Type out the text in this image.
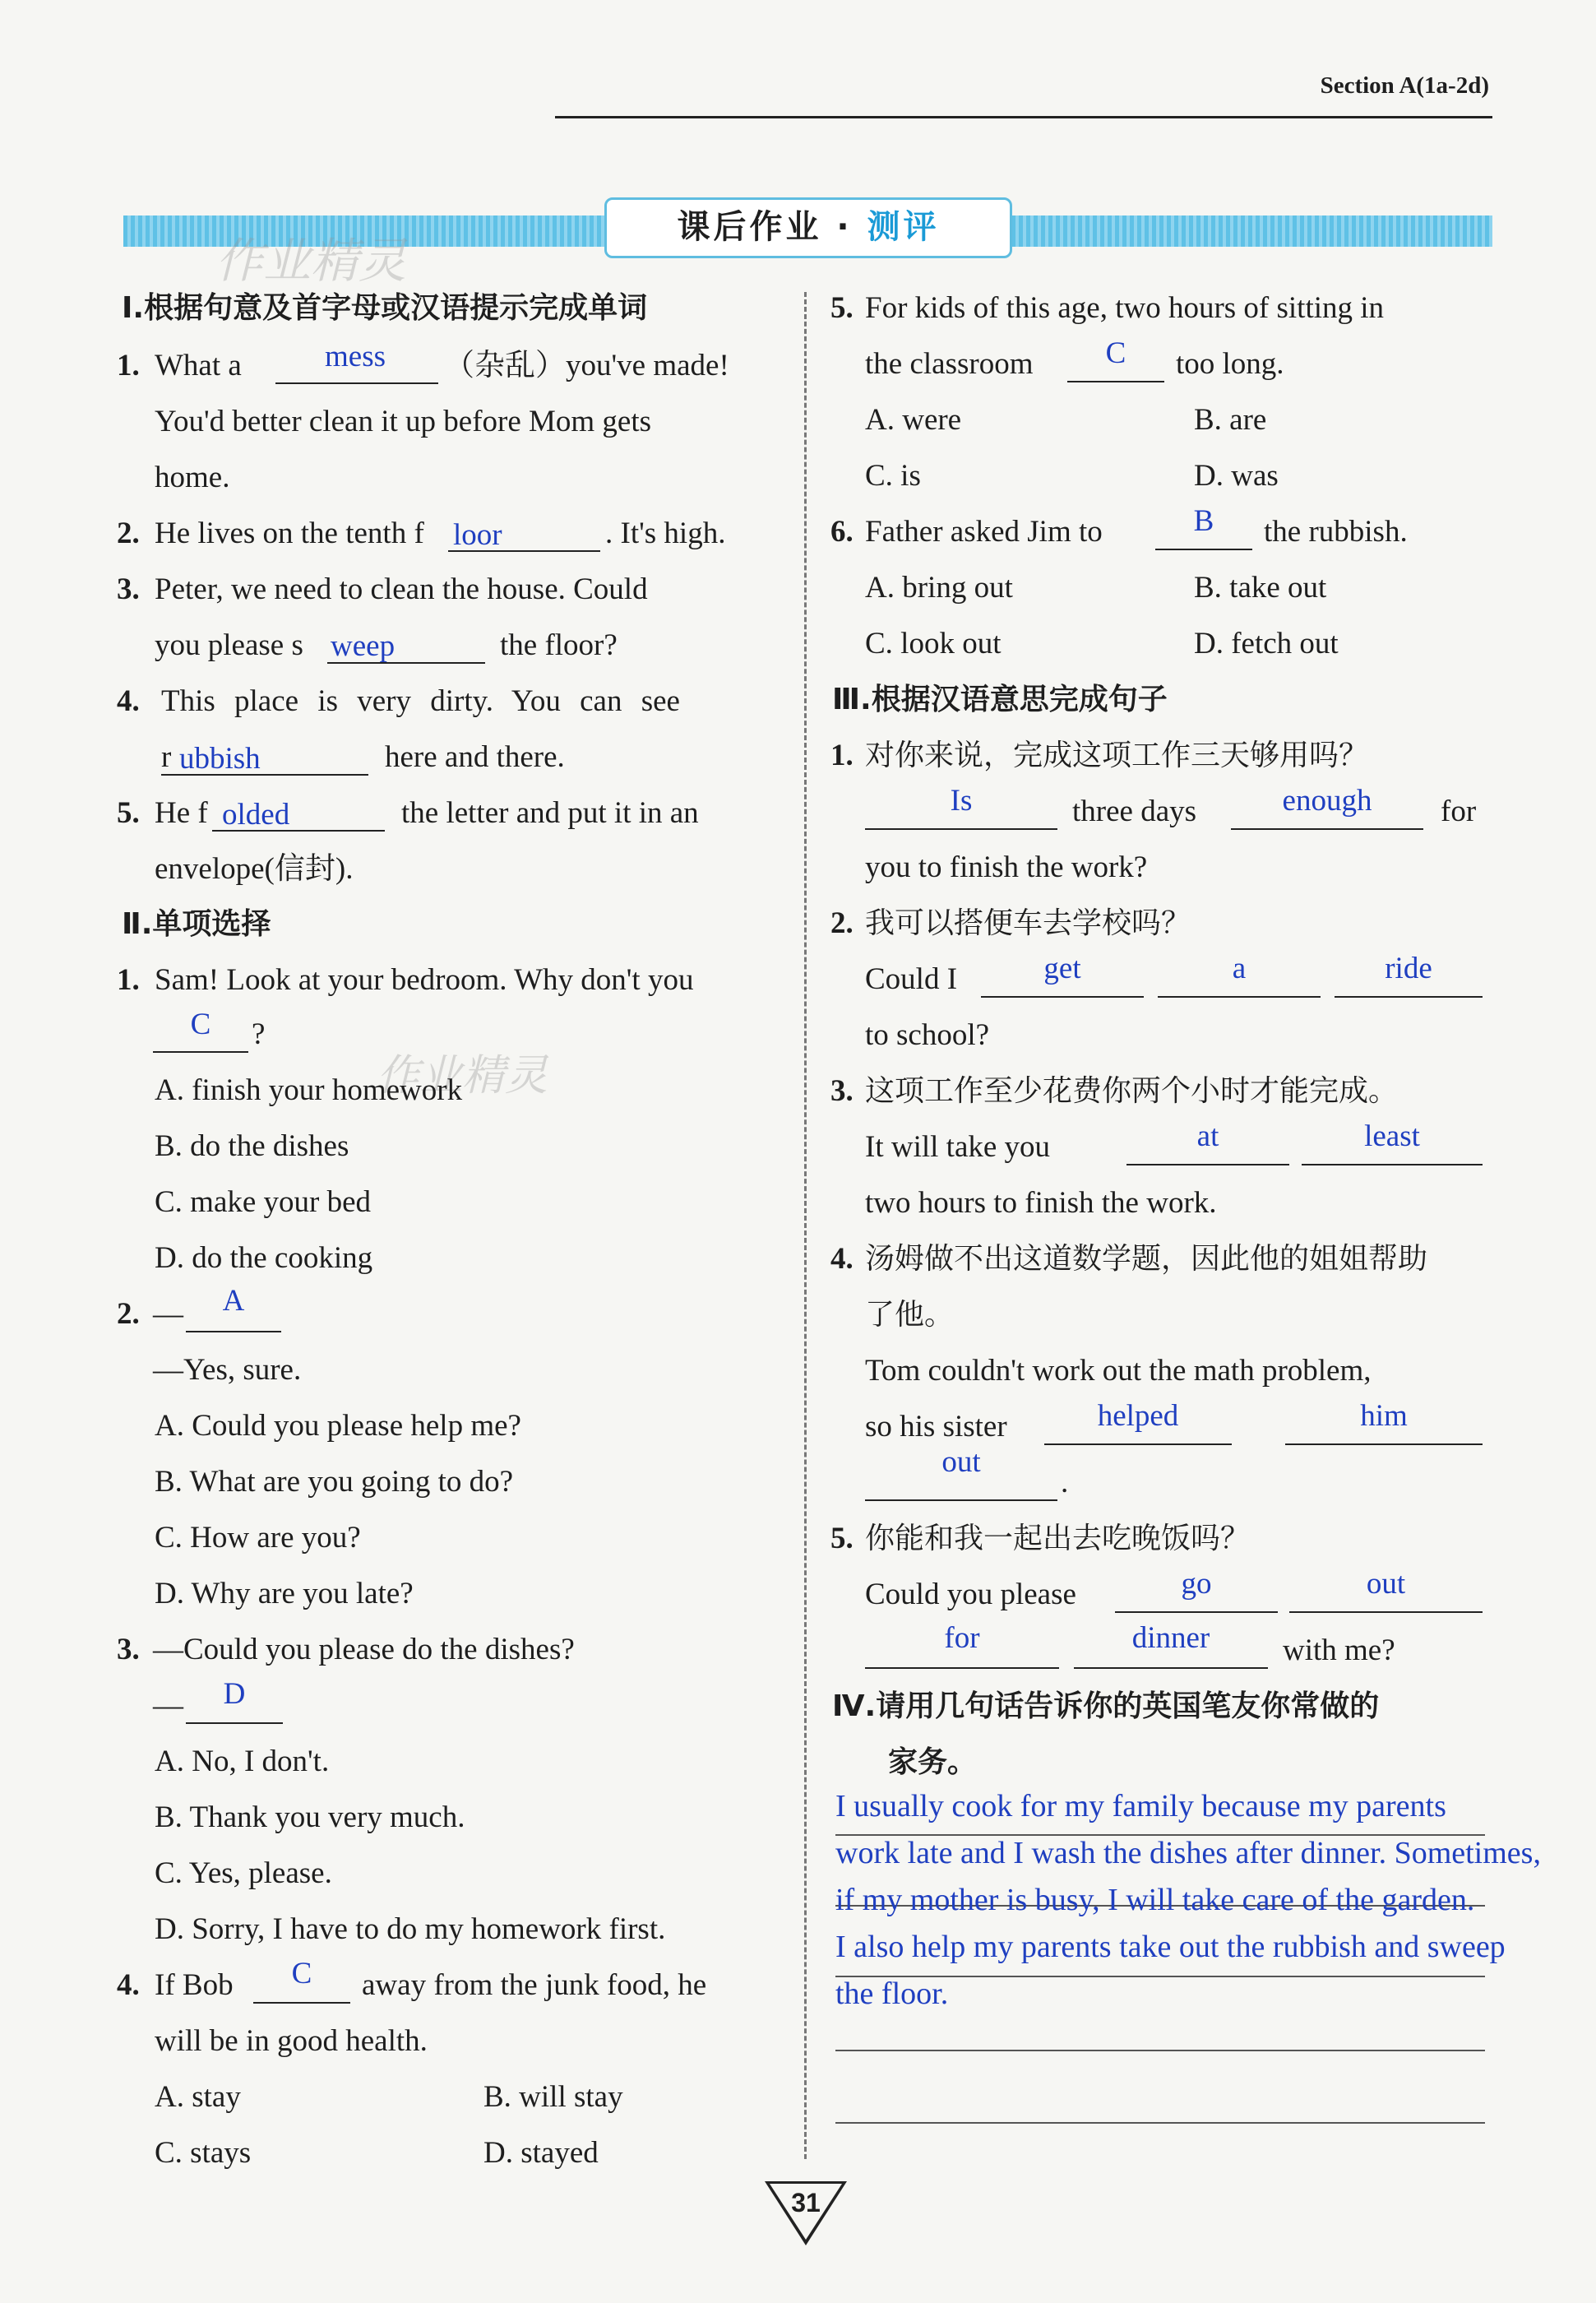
Section A(1a-2d)
课后作业 · 测评
作业精灵
作业精灵
Ⅰ.根据句意及首字母或汉语提示完成单词
1. What a	mess （杂乱）you've made!
You'd better clean it up before Mom gets
home.
2. He lives on the tenth f loor	. It's high.
3. Peter, we need to clean the house. Could
you please s weep	the floor?
4. This place is very dirty. You can see
r ubbish	here and there.
5. He f olded	the letter and put it in an
envelope(信封).
Ⅱ.单项选择
1. Sam! Look at your bedroom. Why don't you
C	?
A. finish your homework
B. do the dishes
C. make your bed
D. do the cooking
2. —	A
—Yes, sure.
A. Could you please help me?
B. What are you going to do?
C. How are you?
D. Why are you late?
3. —Could you please do the dishes?
—	D
A. No, I don't.
B. Thank you very much.
C. Yes, please.
D. Sorry, I have to do my homework first.
4. If Bob	C	away from the junk food, he
will be in good health.
A. stay	B. will stay
C. stays	D. stayed
5. For kids of this age, two hours of sitting in
the classroom	C	too long.
A. were	B. are
C. is	D. was
6. Father asked Jim to	B	the rubbish.
A. bring out	B. take out
C. look out	D. fetch out
Ⅲ.根据汉语意思完成句子
1. 对你来说，完成这项工作三天够用吗？
Is	three days	enough	for
you to finish the work?
2. 我可以搭便车去学校吗？
Could I	get	a	ride
to school?
3. 这项工作至少花费你两个小时才能完成。
It will take you	at	least
two hours to finish the work.
4. 汤姆做不出这道数学题，因此他的姐姐帮助
了他。
Tom couldn't work out the math problem,
so his sister	helped	him
out
.
5. 你能和我一起出去吃晚饭吗？
Could you please	go	out
for	dinner	with me?
Ⅳ.请用几句话告诉你的英国笔友你常做的
家务。
I usually cook for my family because my parents
work late and I wash the dishes after dinner. Sometimes,
if my mother is busy, I will take care of the garden.
I also help my parents take out the rubbish and sweep
the floor.
31
